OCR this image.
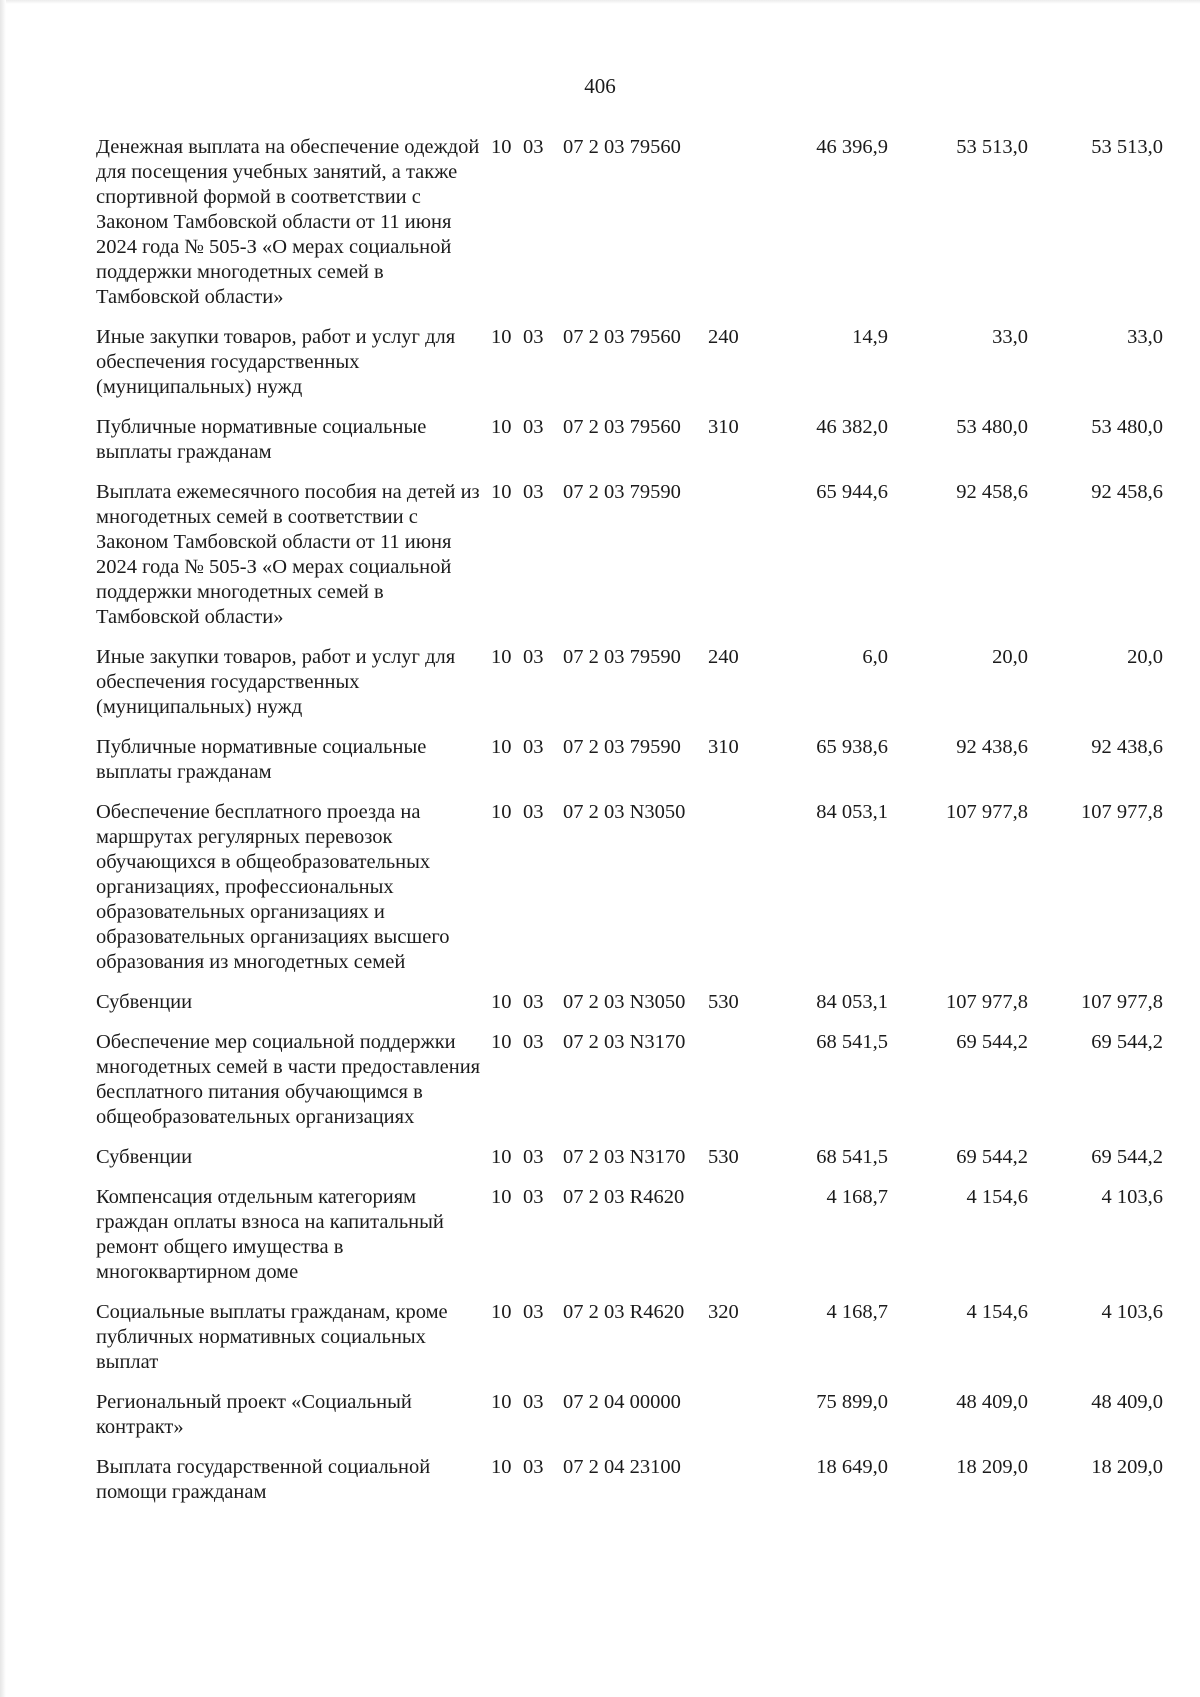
406
Денежная выплата на обеспечение одеждой для посещения учебных занятий, а также спортивной формой в соответствии с Законом Тамбовской области от 11 июня 2024 года № 505-З «О мерах социальной поддержки многодетных семей в Тамбовской области»	10	03	07 2 03 79560		46 396,9	53 513,0	53 513,0
Иные закупки товаров, работ и услуг для обеспечения государственных (муниципальных) нужд	10	03	07 2 03 79560	240	14,9	33,0	33,0
Публичные нормативные социальные выплаты гражданам	10	03	07 2 03 79560	310	46 382,0	53 480,0	53 480,0
Выплата ежемесячного пособия на детей из многодетных семей в соответствии с Законом Тамбовской области от 11 июня 2024 года № 505-З «О мерах социальной поддержки многодетных семей в Тамбовской области»	10	03	07 2 03 79590		65 944,6	92 458,6	92 458,6
Иные закупки товаров, работ и услуг для обеспечения государственных (муниципальных) нужд	10	03	07 2 03 79590	240	6,0	20,0	20,0
Публичные нормативные социальные выплаты гражданам	10	03	07 2 03 79590	310	65 938,6	92 438,6	92 438,6
Обеспечение бесплатного проезда на маршрутах регулярных перевозок обучающихся в общеобразовательных организациях, профессиональных образовательных организациях и образовательных организациях высшего образования из многодетных семей	10	03	07 2 03 N3050		84 053,1	107 977,8	107 977,8
Субвенции	10	03	07 2 03 N3050	530	84 053,1	107 977,8	107 977,8
Обеспечение мер социальной поддержки многодетных семей в части предоставления бесплатного питания обучающимся в общеобразовательных организациях	10	03	07 2 03 N3170		68 541,5	69 544,2	69 544,2
Субвенции	10	03	07 2 03 N3170	530	68 541,5	69 544,2	69 544,2
Компенсация отдельным категориям граждан оплаты взноса на капитальный ремонт общего имущества в многоквартирном доме	10	03	07 2 03 R4620		4 168,7	4 154,6	4 103,6
Социальные выплаты гражданам, кроме публичных нормативных социальных выплат	10	03	07 2 03 R4620	320	4 168,7	4 154,6	4 103,6
Региональный проект «Социальный контракт»	10	03	07 2 04 00000		75 899,0	48 409,0	48 409,0
Выплата государственной социальной помощи гражданам	10	03	07 2 04 23100		18 649,0	18 209,0	18 209,0
